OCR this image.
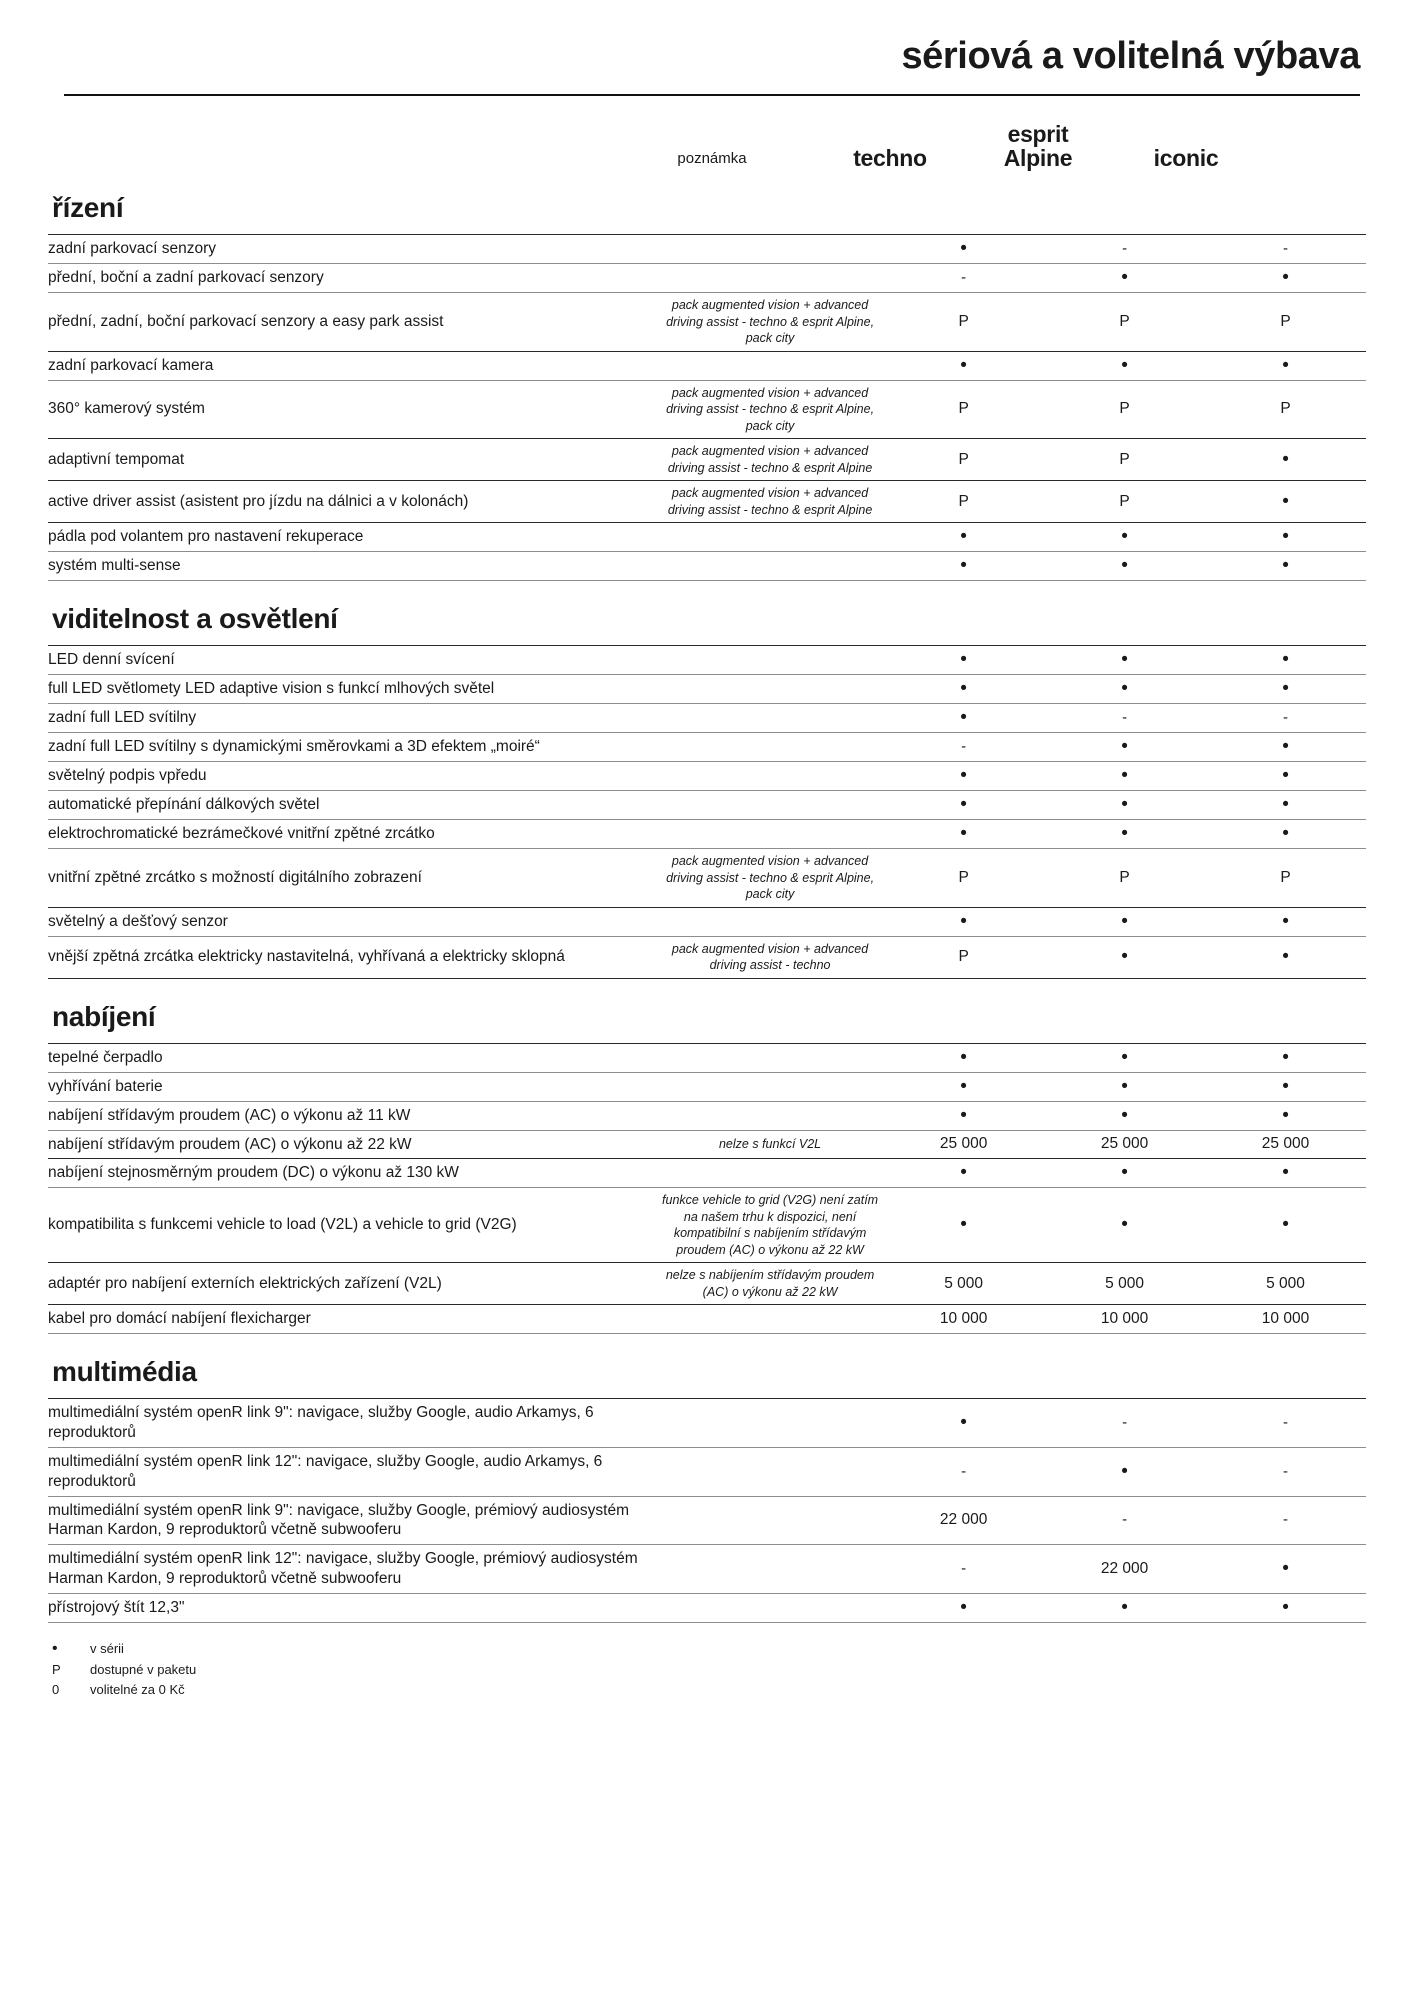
sériová a volitelná výbava
poznámka	techno
esprit
Alpine	iconic
řízení
zadní parkovací senzory		•	-	-
přední, boční a zadní parkovací senzory		-	•	•
přední, zadní, boční parkovací senzory a easy park assist	pack augmented vision + advanced driving assist - techno & esprit Alpine, pack city	P	P	P
zadní parkovací kamera		•	•	•
360° kamerový systém	pack augmented vision + advanced driving assist - techno & esprit Alpine, pack city	P	P	P
adaptivní tempomat	pack augmented vision + advanced driving assist - techno & esprit Alpine	P	P	•
active driver assist (asistent pro jízdu na dálnici a v kolonách)	pack augmented vision + advanced driving assist - techno & esprit Alpine	P	P	•
pádla pod volantem pro nastavení rekuperace		•	•	•
systém multi-sense		•	•	•
viditelnost a osvětlení
LED denní svícení		•	•	•
full LED světlomety LED adaptive vision s funkcí mlhových světel		•	•	•
zadní full LED svítilny		•	-	-
zadní full LED svítilny s dynamickými směrovkami a 3D efektem „moiré“		-	•	•
světelný podpis vpředu		•	•	•
automatické přepínání dálkových světel		•	•	•
elektrochromatické bezrámečkové vnitřní zpětné zrcátko		•	•	•
vnitřní zpětné zrcátko s možností digitálního zobrazení	pack augmented vision + advanced driving assist - techno & esprit Alpine, pack city	P	P	P
světelný a dešťový senzor		•	•	•
vnější zpětná zrcátka elektricky nastavitelná, vyhřívaná a elektricky sklopná	pack augmented vision + advanced driving assist - techno	P	•	•
nabíjení
tepelné čerpadlo		•	•	•
vyhřívání baterie		•	•	•
nabíjení střídavým proudem (AC) o výkonu až 11 kW		•	•	•
nabíjení střídavým proudem (AC) o výkonu až 22 kW	nelze s funkcí V2L	25 000	25 000	25 000
nabíjení stejnosměrným proudem (DC) o výkonu až 130 kW		•	•	•
kompatibilita s funkcemi vehicle to load (V2L) a vehicle to grid (V2G)	funkce vehicle to grid (V2G) není zatím na našem trhu k dispozici, není kompatibilní s nabíjením střídavým proudem (AC) o výkonu až 22 kW	•	•	•
adaptér pro nabíjení externích elektrických zařízení (V2L)	nelze s nabíjením střídavým proudem (AC) o výkonu až 22 kW	5 000	5 000	5 000
kabel pro domácí nabíjení flexicharger		10 000	10 000	10 000
multimédia
multimediální systém openR link 9": navigace, služby Google, audio Arkamys, 6 reproduktorů		•	-	-
multimediální systém openR link 12": navigace, služby Google, audio Arkamys, 6 reproduktorů		-	•	-
multimediální systém openR link 9": navigace, služby Google, prémiový audiosystém Harman Kardon, 9 reproduktorů včetně subwooferu		22 000	-	-
multimediální systém openR link 12": navigace, služby Google, prémiový audiosystém Harman Kardon, 9 reproduktorů včetně subwooferu		-	22 000	•
přístrojový štít 12,3"		•	•	•
•	v sérii
P	dostupné v paketu
0	volitelné za 0 Kč
